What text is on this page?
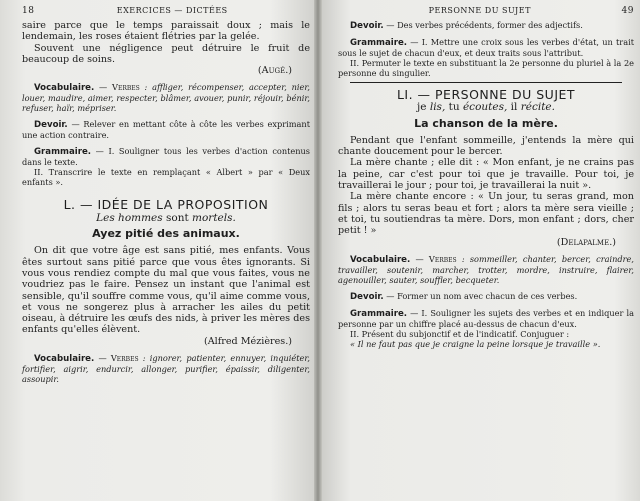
18	EXERCICES — DICTÉES

saire parce que le temps paraissait doux ; mais le lendemain, les roses étaient flétries par la gelée.

Souvent une négligence peut détruire le fruit de beaucoup de soins.

(Augé.)

Vocabulaire. — Verbes : affliger, récompenser, accepter, nier, louer, maudire, aimer, respecter, blâmer, avouer, punir, réjouir, bénir, refuser, haïr, mépriser.

Devoir. — Relever en mettant côte à côte les verbes exprimant une action contraire.

Grammaire. — I. Souligner tous les verbes d'action contenus dans le texte.

II. Transcrire le texte en remplaçant « Albert » par « Deux enfants ».

L. — IDÉE DE LA PROPOSITION

Les hommes sont mortels.

Ayez pitié des animaux.

On dit que votre âge est sans pitié, mes enfants. Vous êtes surtout sans pitié parce que vous êtes ignorants. Si vous vous rendiez compte du mal que vous faites, vous ne voudriez pas le faire. Pensez un instant que l'animal est sensible, qu'il souffre comme vous, qu'il aime comme vous, et vous ne songerez plus à arracher les ailes du petit oiseau, à détruire les œufs des nids, à priver les mères des enfants qu'elles élèvent.

(Alfred Mézières.)

Vocabulaire. — Verbes : ignorer, patienter, ennuyer, inquiéter, fortifier, aigrir, endurcir, allonger, purifier, épaissir, diligenter, assoupir.

PERSONNE DU SUJET	49

Devoir. — Des verbes précédents, former des adjectifs.

Grammaire. — I. Mettre une croix sous les verbes d'état, un trait sous le sujet de chacun d'eux, et deux traits sous l'attribut.

II. Permuter le texte en substituant la 2e personne du pluriel à la 2e personne du singulier.

LI. — PERSONNE DU SUJET

je lis, tu écoutes, il récite.

La chanson de la mère.

Pendant que l'enfant sommeille, j'entends la mère qui chante doucement pour le bercer.

La mère chante ; elle dit : « Mon enfant, je ne crains pas la peine, car c'est pour toi que je travaille. Pour toi, je travaillerai le jour ; pour toi, je travaillerai la nuit ».

La mère chante encore : « Un jour, tu seras grand, mon fils ; alors tu seras beau et fort ; alors ta mère sera vieille ; et toi, tu soutiendras ta mère. Dors, mon enfant ; dors, cher petit ! »

(Delapalme.)

Vocabulaire. — Verbes : sommeiller, chanter, bercer, craindre, travailler, soutenir, marcher, trotter, mordre, instruire, flairer, agenouiller, sauter, souffler, becqueter.

Devoir. — Former un nom avec chacun de ces verbes.

Grammaire. — I. Souligner les sujets des verbes et en indiquer la personne par un chiffre placé au-dessus de chacun d'eux.

II. Présent du subjonctif et de l'indicatif. Conjuguer :

« Il ne faut pas que je craigne la peine lorsque je travaille ».
